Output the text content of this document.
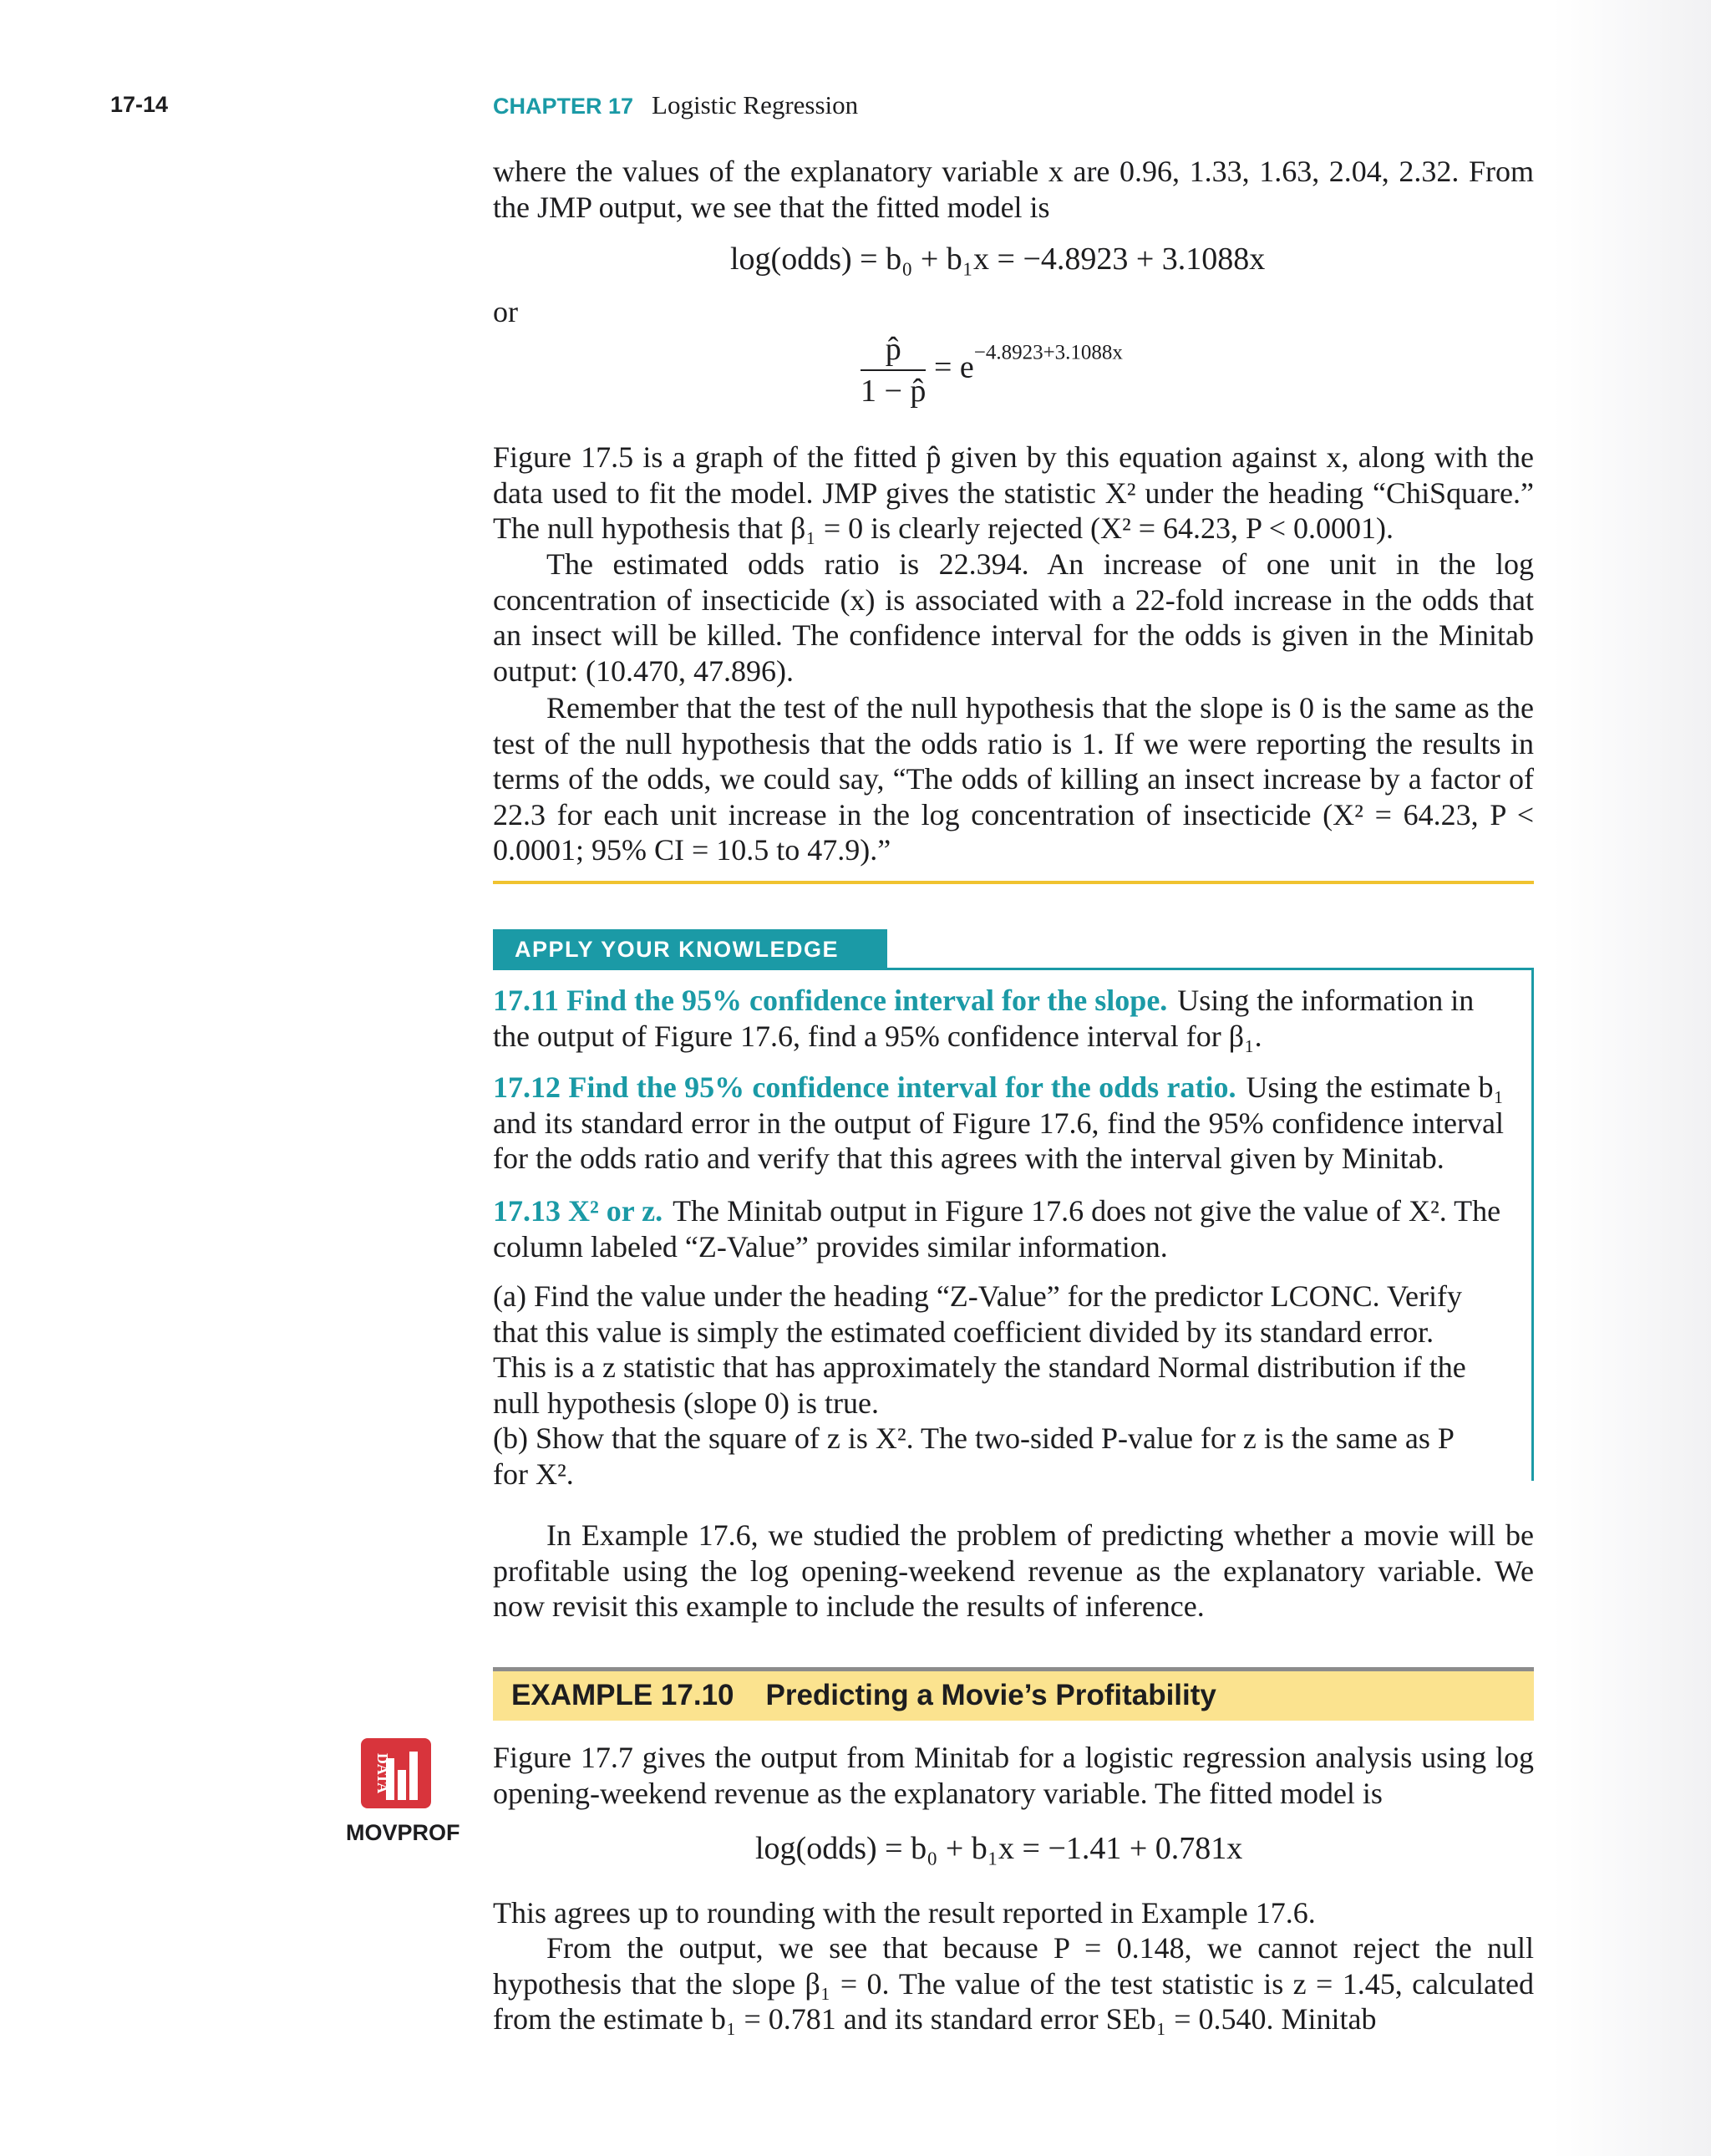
17-14	CHAPTER 17 Logistic Regression

where the values of the explanatory variable x are 0.96, 1.33, 1.63, 2.04, 2.32. From the JMP output, we see that the fitted model is

log(odds) = b₀ + b₁x = −4.8923 + 3.1088x
or
$\frac{p̂}{1 - p̂} = e^{-4.8923+3.1088x}$

Figure 17.5 is a graph of the fitted p̂ given by this equation against x, along with the data used to fit the model. JMP gives the statistic X² under the heading “ChiSquare.” The null hypothesis that β₁ = 0 is clearly rejected (X² = 64.23, P < 0.0001).

The estimated odds ratio is 22.394. An increase of one unit in the log concentration of insecticide (x) is associated with a 22-fold increase in the odds that an insect will be killed. The confidence interval for the odds is given in the Minitab output: (10.470, 47.896).

Remember that the test of the null hypothesis that the slope is 0 is the same as the test of the null hypothesis that the odds ratio is 1. If we were reporting the results in terms of the odds, we could say, “The odds of killing an insect increase by a factor of 22.3 for each unit increase in the log concentration of insecticide (X² = 64.23, P < 0.0001; 95% CI = 10.5 to 47.9).”

APPLY YOUR KNOWLEDGE

17.11 Find the 95% confidence interval for the slope. Using the information in the output of Figure 17.6, find a 95% confidence interval for β₁.

17.12 Find the 95% confidence interval for the odds ratio. Using the estimate b₁ and its standard error in the output of Figure 17.6, find the 95% confidence interval for the odds ratio and verify that this agrees with the interval given by Minitab.

17.13 X² or z. The Minitab output in Figure 17.6 does not give the value of X². The column labeled “Z-Value” provides similar information.

(a) Find the value under the heading “Z-Value” for the predictor LCONC. Verify that this value is simply the estimated coefficient divided by its standard error. This is a z statistic that has approximately the standard Normal distribution if the null hypothesis (slope 0) is true.

(b) Show that the square of z is X². The two-sided P-value for z is the same as P for X².

In Example 17.6, we studied the problem of predicting whether a movie will be profitable using the log opening-weekend revenue as the explanatory variable. We now revisit this example to include the results of inference.

EXAMPLE 17.10 Predicting a Movie’s Profitability
DATA
MOVPROF

Figure 17.7 gives the output from Minitab for a logistic regression analysis using log opening-weekend revenue as the explanatory variable. The fitted model is

log(odds) = b₀ + b₁x = −1.41 + 0.781x

This agrees up to rounding with the result reported in Example 17.6.

From the output, we see that because P = 0.148, we cannot reject the null hypothesis that the slope β₁ = 0. The value of the test statistic is z = 1.45, calculated from the estimate b₁ = 0.781 and its standard error SEb₁ = 0.540. Minitab
